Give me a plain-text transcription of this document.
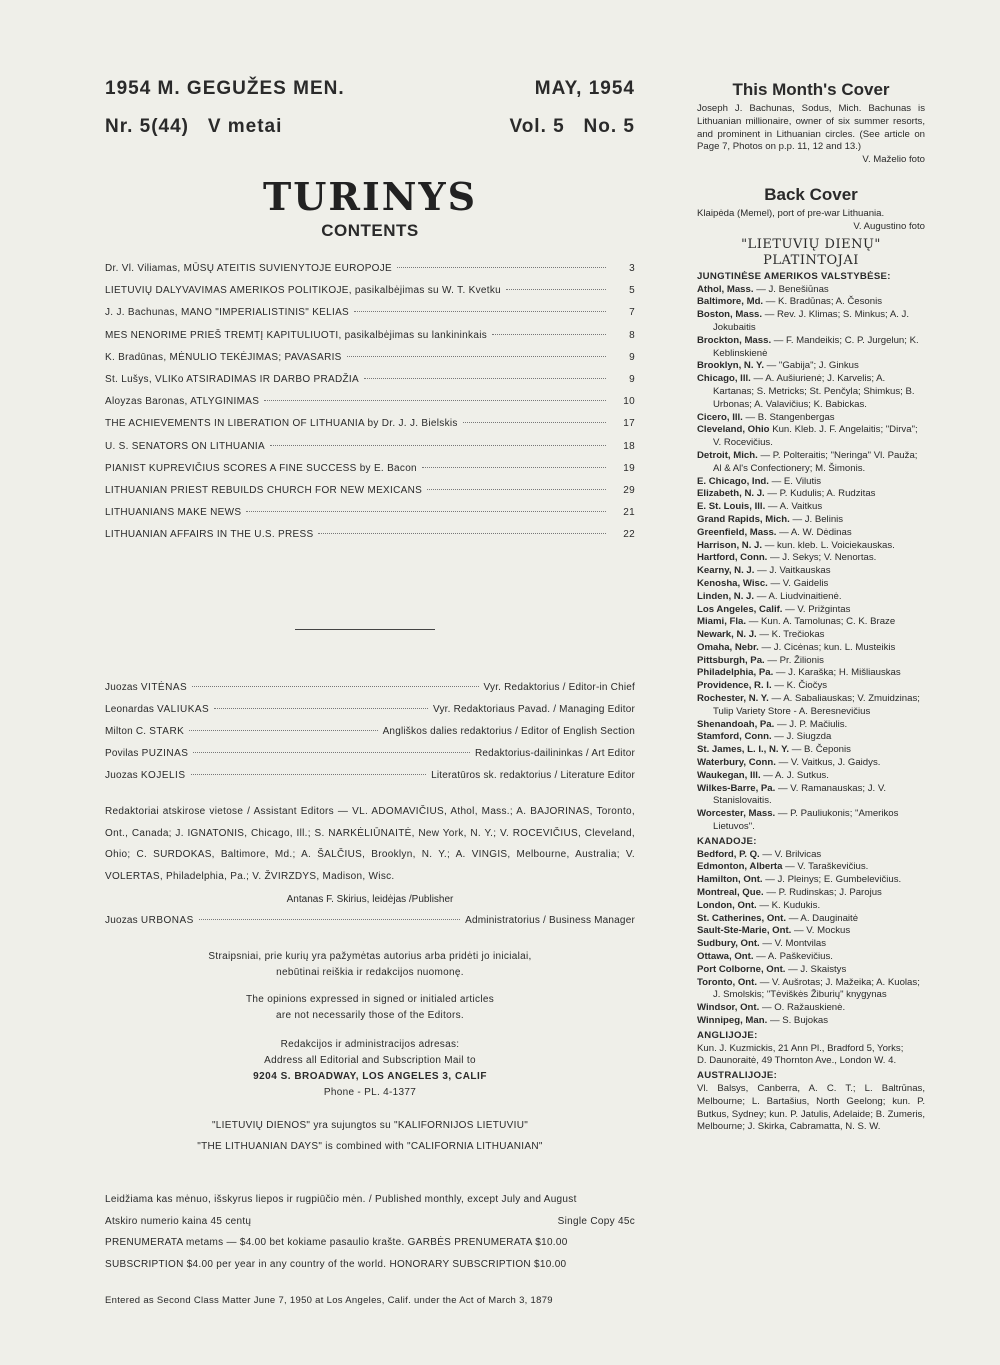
1954 M. GEGUŽES MEN.	MAY, 1954
Nr. 5(44)   V metai	Vol. 5   No. 5
TURINYS
CONTENTS
Dr. Vl. Viliamas, MŪSŲ ATEITIS SUVIENYTOJE EUROPOJE	3
LIETUVIŲ DALYVAVIMAS AMERIKOS POLITIKOJE, pasikalbėjimas su W. T. Kvetku	5
J. J. Bachunas, MANO "IMPERIALISTINIS" KELIAS	7
MES NENORIME PRIEŠ TREMTĮ KAPITULIUOTI, pasikalbėjimas su lankininkais	8
K. Bradūnas, MĖNULIO TEKĖJIMAS; PAVASARIS	9
St. Lušys, VLIKo ATSIRADIMAS IR DARBO PRADŽIA	9
Aloyzas Baronas, ATLYGINIMAS	10
THE ACHIEVEMENTS IN LIBERATION OF LITHUANIA by Dr. J. J. Bielskis	17
U. S. SENATORS ON LITHUANIA	18
PIANIST KUPREVIČIUS SCORES A FINE SUCCESS by E. Bacon	19
LITHUANIAN PRIEST REBUILDS CHURCH FOR NEW MEXICANS	29
LITHUANIANS MAKE NEWS	21
LITHUANIAN AFFAIRS IN THE U.S. PRESS	22
Juozas VITĖNAS	Vyr. Redaktorius / Editor-in Chief
Leonardas VALIUKAS	Vyr. Redaktoriaus Pavad. / Managing Editor
Milton C. STARK	Angliškos dalies redaktorius / Editor of English Section
Povilas PUZINAS	Redaktorius-dailininkas / Art Editor
Juozas KOJELIS	Literatūros sk. redaktorius / Literature Editor
Redaktoriai atskirose vietose / Assistant Editors — VL. ADOMAVIČIUS, Athol, Mass.; A. BAJORINAS, Toronto, Ont., Canada; J. IGNATONIS, Chicago, Ill.; S. NARKĖLIŪNAITĖ, New York, N. Y.; V. ROCEVIČIUS, Cleveland, Ohio; C. SURDOKAS, Baltimore, Md.; A. ŠALČIUS, Brooklyn, N. Y.; A. VINGIS, Melbourne, Australia; V. VOLERTAS, Philadelphia, Pa.; V. ŽVIRZDYS, Madison, Wisc.
Antanas F. Skirius, leidėjas /Publisher
Juozas URBONAS	Administratorius / Business Manager
Straipsniai, prie kurių yra pažymėtas autorius arba pridėti jo inicialai,
nebūtinai reiškia ir redakcijos nuomonę.
The opinions expressed in signed or initialed articles
are not necessarily those of the Editors.
Redakcijos ir administracijos adresas:
Address all Editorial and Subscription Mail to
9204 S. BROADWAY, LOS ANGELES 3, CALIF
Phone - PL. 4-1377
"LIETUVIŲ DIENOS" yra sujungtos su "KALIFORNIJOS LIETUVIU"
"THE LITHUANIAN DAYS" is combined with "CALIFORNIA LITHUANIAN"
Leidžiama kas mėnuo, išskyrus liepos ir rugpiūčio mėn. / Published monthly, except July and August
Atskiro numerio kaina 45 centų	Single Copy 45c
PRENUMERATA metams — $4.00 bet kokiame pasaulio krašte. GARBĖS PRENUMERATA $10.00
SUBSCRIPTION $4.00 per year in any country of the world. HONORARY SUBSCRIPTION $10.00
Entered as Second Class Matter June 7, 1950 at Los Angeles, Calif. under the Act of March 3, 1879
This Month's Cover
Joseph J. Bachunas, Sodus, Mich. Bachunas is Lithuanian millionaire, owner of six summer resorts, and prominent in Lithuanian circles. (See article on Page 7, Photos on p.p. 11, 12 and 13.)
V. Maželio foto
Back Cover
Klaipėda (Memel), port of pre-war Lithuania.
V. Augustino foto
"LIETUVIŲ DIENŲ"
PLATINTOJAI
JUNGTINĖSE AMERIKOS VALSTYBĖSE:
Athol, Mass. — J. Benešiūnas
Baltimore, Md. — K. Bradūnas; A. Česonis
Boston, Mass. — Rev. J. Klimas; S. Minkus; A. J. Jokubaitis
Brockton, Mass. — F. Mandeikis; C. P. Jurgelun; K. Keblinskienė
Brooklyn, N. Y. — "Gabija"; J. Ginkus
Chicago, Ill. — A. Aušiurienė; J. Karvelis; A. Kartanas; S. Metricks; St. Penčyla; Shimkus; B. Urbonas; A. Valavičius; K. Babickas.
Cicero, Ill. — B. Stangenbergas
Cleveland, Ohio Kun. Kleb. J. F. Angelaitis; "Dirva"; V. Rocevičius.
Detroit, Mich. — P. Polteraitis; "Neringa" Vl. Pauža; Al & Al's Confectionery; M. Šimonis.
E. Chicago, Ind. — E. Vilutis
Elizabeth, N. J. — P. Kudulis; A. Rudzitas
E. St. Louis, Ill. — A. Vaitkus
Grand Rapids, Mich. — J. Belinis
Greenfield, Mass. — A. W. Dėdinas
Harrison, N. J. — kun. kleb. L. Voiciekauskas.
Hartford, Conn. — J. Sekys; V. Nenortas.
Kearny, N. J. — J. Vaitkauskas
Kenosha, Wisc. — V. Gaidelis
Linden, N. J. — A. Liudvinaitienė.
Los Angeles, Calif. — V. Prižgintas
Miami, Fla. — Kun. A. Tamolunas; C. K. Braze
Newark, N. J. — K. Trečiokas
Omaha, Nebr. — J. Cicėnas; kun. L. Musteikis
Pittsburgh, Pa. — Pr. Žilionis
Philadelphia, Pa. — J. Karaška; H. Mišliauskas
Providence, R. I. — K. Čiočys
Rochester, N. Y. — A. Sabaliauskas; V. Zmuidzinas; Tulip Variety Store - A. Beresnevičius
Shenandoah, Pa. — J. P. Mačiulis.
Stamford, Conn. — J. Siugzda
St. James, L. I., N. Y. — B. Čeponis
Waterbury, Conn. — V. Vaitkus, J. Gaidys.
Waukegan, Ill. — A. J. Sutkus.
Wilkes-Barre, Pa. — V. Ramanauskas; J. V. Stanislovaitis.
Worcester, Mass. — P. Pauliukonis; "Amerikos Lietuvos".
KANADOJE:
Bedford, P. Q. — V. Brilvicas
Edmonton, Alberta — V. Taraškevičius.
Hamilton, Ont. — J. Pleinys; E. Gumbelevičius.
Montreal, Que. — P. Rudinskas; J. Parojus
London, Ont. — K. Kudukis.
St. Catherines, Ont. — A. Dauginaitė
Sault-Ste-Marie, Ont. — V. Mockus
Sudbury, Ont. — V. Montvilas
Ottawa, Ont. — A. Paškevičius.
Port Colborne, Ont. — J. Skaistys
Toronto, Ont. — V. Aušrotas; J. Mažeika; A. Kuolas; J. Smolskis; "Tėviškės Žiburių" knygynas
Windsor, Ont. — O. Ražauskienė.
Winnipeg, Man. — S. Bujokas
ANGLIJOJE:
Kun. J. Kuzmickis, 21 Ann Pl., Bradford 5, Yorks;
D. Daunoraitė, 49 Thornton Ave., London W. 4.
AUSTRALIJOJE:
Vl. Balsys, Canberra, A. C. T.; L. Baltrūnas, Melbourne; L. Bartašius, North Geelong; kun. P. Butkus, Sydney; kun. P. Jatulis, Adelaide; B. Zumeris, Melbourne; J. Skirka, Cabramatta, N. S. W.
